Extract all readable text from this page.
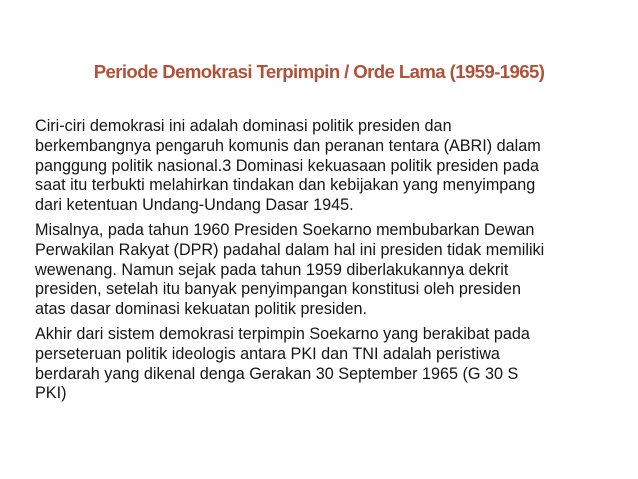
Periode Demokrasi Terpimpin / Orde Lama (1959-1965)
Ciri-ciri demokrasi ini adalah dominasi politik presiden dan
berkembangnya pengaruh komunis dan peranan tentara (ABRI) dalam
panggung politik nasional.3 Dominasi kekuasaan politik presiden pada
saat itu terbukti melahirkan tindakan dan kebijakan yang menyimpang
dari ketentuan Undang-Undang Dasar 1945.
Misalnya, pada tahun 1960 Presiden Soekarno membubarkan Dewan
Perwakilan Rakyat (DPR) padahal dalam hal ini presiden tidak memiliki
wewenang. Namun sejak pada tahun 1959 diberlakukannya dekrit
presiden, setelah itu banyak penyimpangan konstitusi oleh presiden
atas dasar dominasi kekuatan politik presiden.
Akhir dari sistem demokrasi terpimpin Soekarno yang berakibat pada
perseteruan politik ideologis antara PKI dan TNI adalah peristiwa
berdarah yang dikenal denga Gerakan 30 September 1965 (G 30 S
PKI)
